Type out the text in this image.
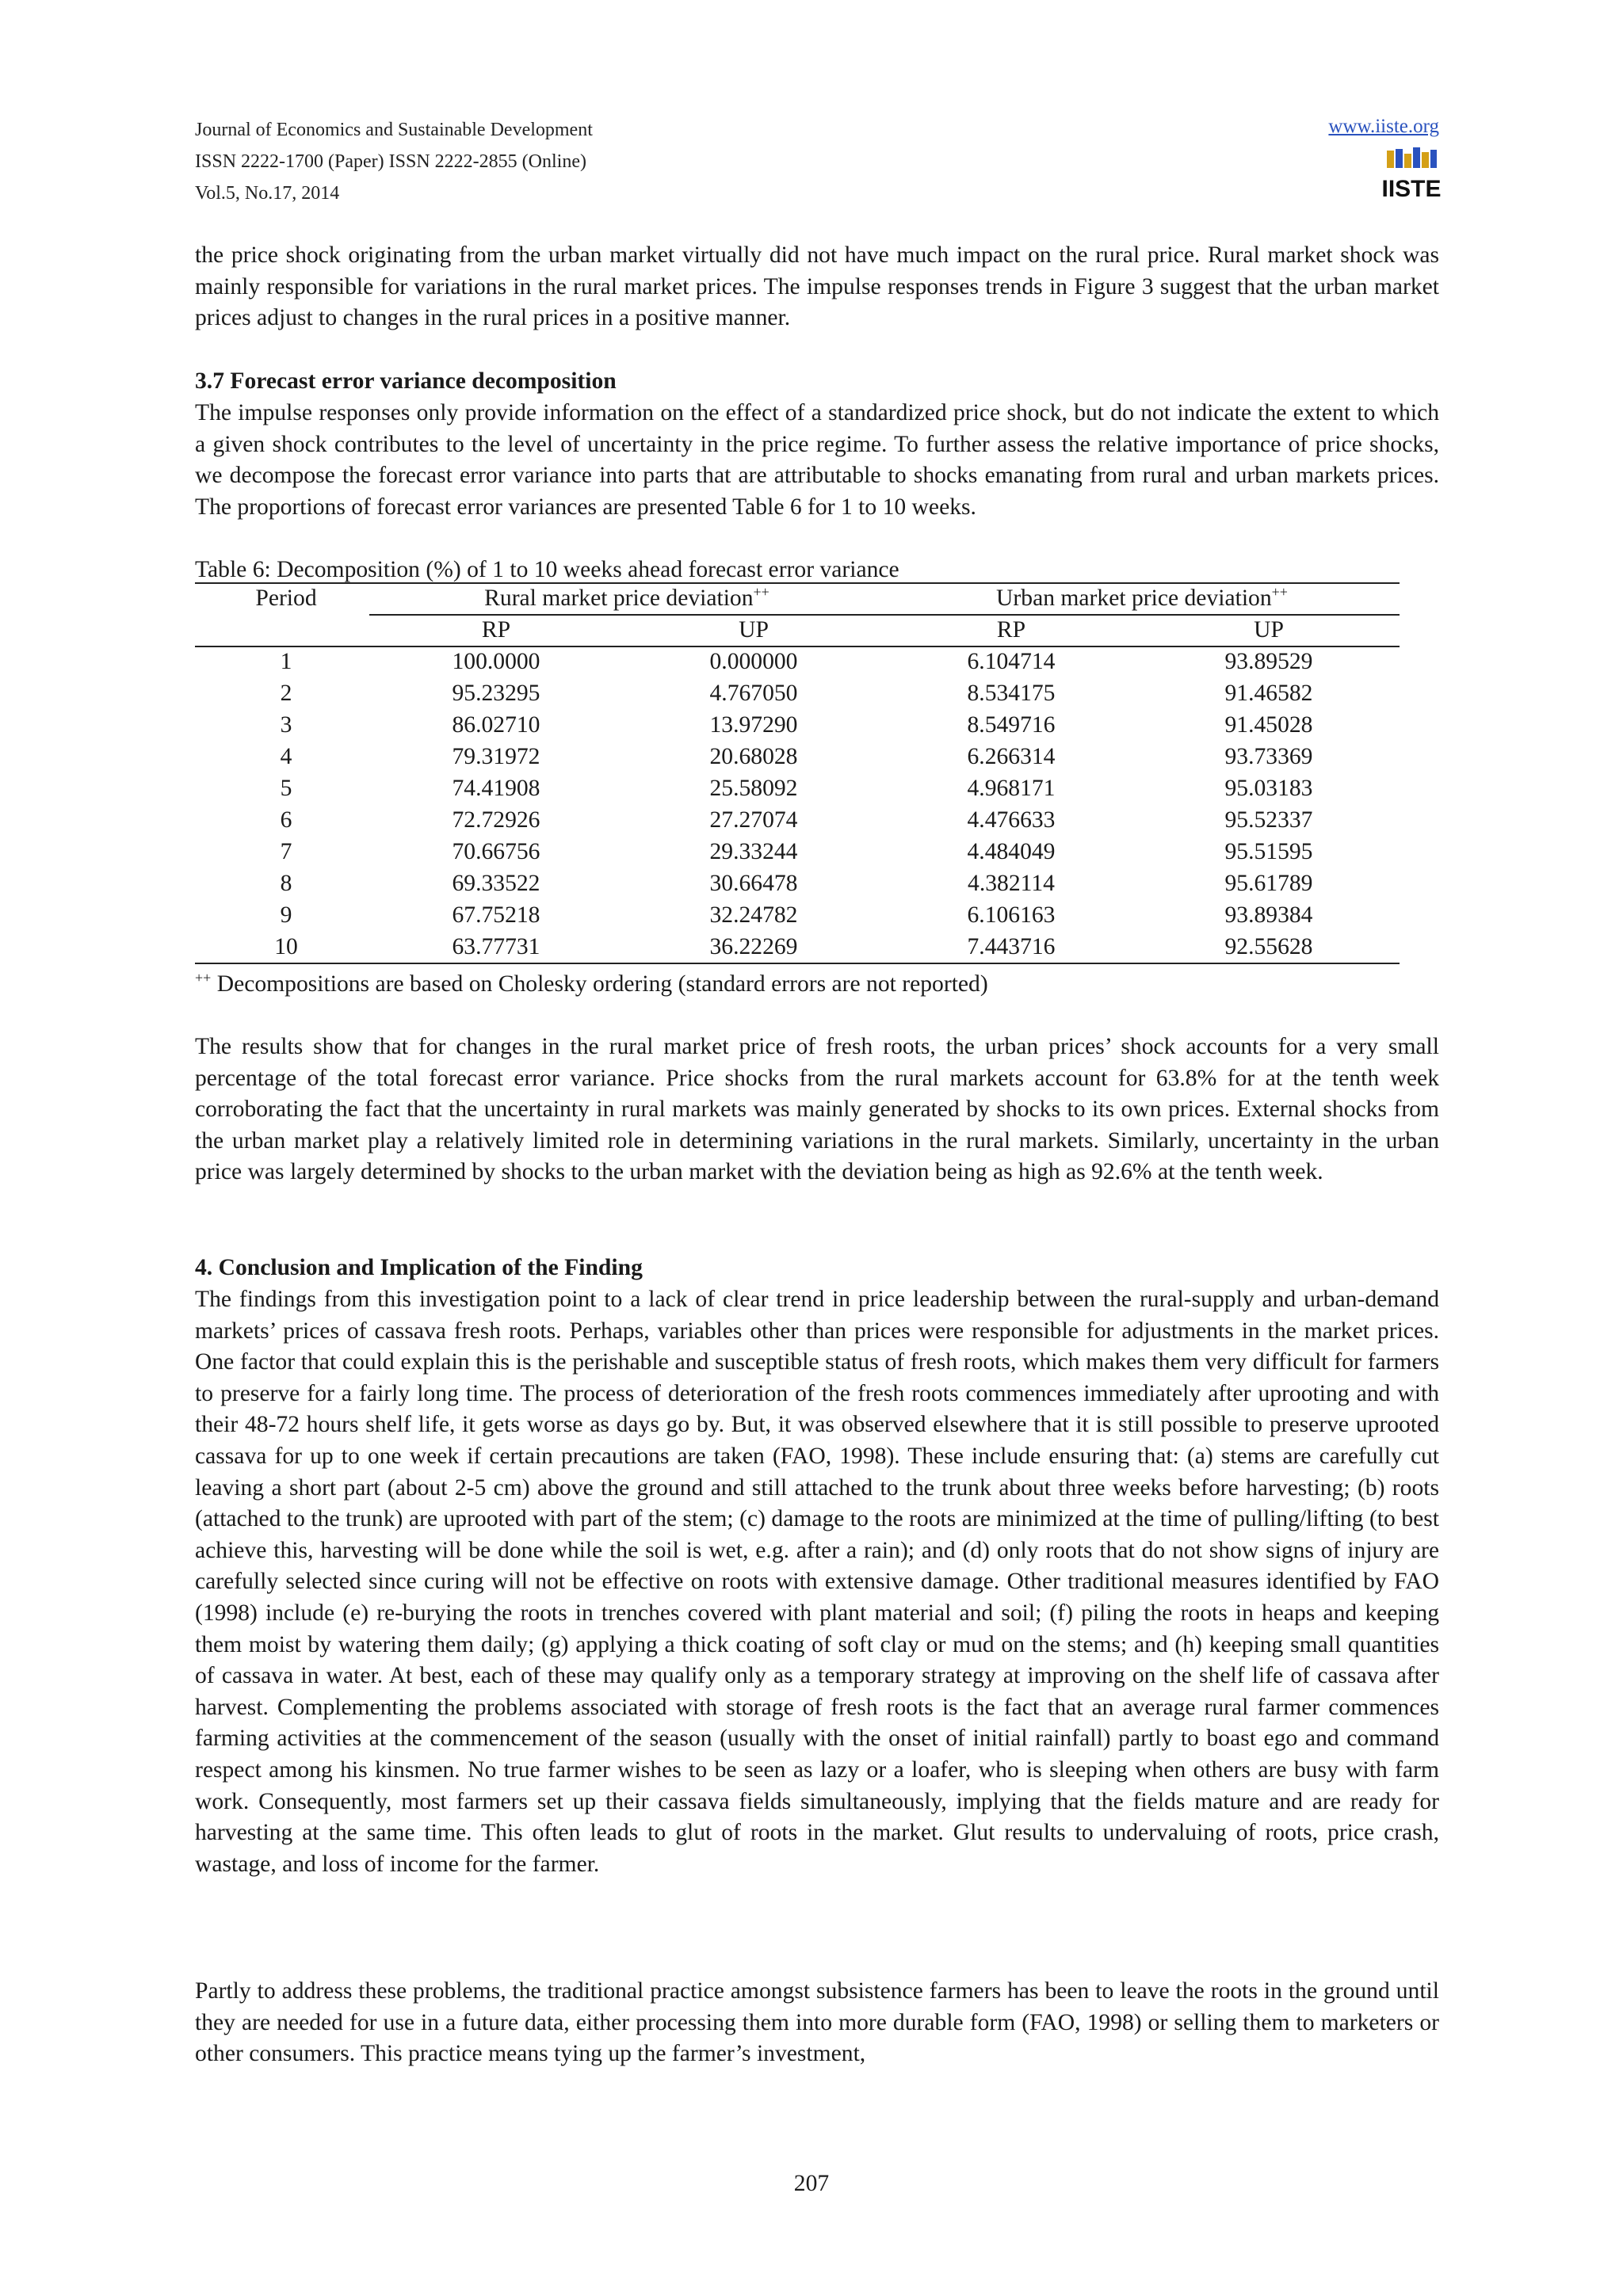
Journal of Economics and Sustainable Development
ISSN 2222-1700 (Paper) ISSN 2222-2855 (Online)
Vol.5, No.17, 2014
www.iiste.org
IISTE
the price shock originating from the urban market virtually did not have much impact on the rural price. Rural market shock was mainly responsible for variations in the rural market prices. The impulse responses trends in Figure 3 suggest that the urban market prices adjust to changes in the rural prices in a positive manner.
3.7 Forecast error variance decomposition
The impulse responses only provide information on the effect of a standardized price shock, but do not indicate the extent to which a given shock contributes to the level of uncertainty in the price regime. To further assess the relative importance of price shocks, we decompose the forecast error variance into parts that are attributable to shocks emanating from rural and urban markets prices. The proportions of forecast error variances are presented Table 6 for 1 to 10 weeks.
Table 6: Decomposition (%) of 1 to 10 weeks ahead forecast error variance
Period	Rural market price deviation++	Urban market price deviation++
RP	UP	RP	UP
1	100.0000	0.000000	6.104714	93.89529
2	95.23295	4.767050	8.534175	91.46582
3	86.02710	13.97290	8.549716	91.45028
4	79.31972	20.68028	6.266314	93.73369
5	74.41908	25.58092	4.968171	95.03183
6	72.72926	27.27074	4.476633	95.52337
7	70.66756	29.33244	4.484049	95.51595
8	69.33522	30.66478	4.382114	95.61789
9	67.75218	32.24782	6.106163	93.89384
10	63.77731	36.22269	7.443716	92.55628
++ Decompositions are based on Cholesky ordering (standard errors are not reported)
The results show that for changes in the rural market price of fresh roots, the urban prices’ shock accounts for a very small percentage of the total forecast error variance. Price shocks from the rural markets account for 63.8% for at the tenth week corroborating the fact that the uncertainty in rural markets was mainly generated by shocks to its own prices. External shocks from the urban market play a relatively limited role in determining variations in the rural markets. Similarly, uncertainty in the urban price was largely determined by shocks to the urban market with the deviation being as high as 92.6% at the tenth week.
4. Conclusion and Implication of the Finding
The findings from this investigation point to a lack of clear trend in price leadership between the rural-supply and urban-demand markets’ prices of cassava fresh roots. Perhaps, variables other than prices were responsible for adjustments in the market prices. One factor that could explain this is the perishable and susceptible status of fresh roots, which makes them very difficult for farmers to preserve for a fairly long time. The process of deterioration of the fresh roots commences immediately after uprooting and with their 48-72 hours shelf life, it gets worse as days go by. But, it was observed elsewhere that it is still possible to preserve uprooted cassava for up to one week if certain precautions are taken (FAO, 1998). These include ensuring that: (a) stems are carefully cut leaving a short part (about 2-5 cm) above the ground and still attached to the trunk about three weeks before harvesting; (b) roots (attached to the trunk) are uprooted with part of the stem; (c) damage to the roots are minimized at the time of pulling/lifting (to best achieve this, harvesting will be done while the soil is wet, e.g. after a rain); and (d) only roots that do not show signs of injury are carefully selected since curing will not be effective on roots with extensive damage. Other traditional measures identified by FAO (1998) include (e) re-burying the roots in trenches covered with plant material and soil; (f) piling the roots in heaps and keeping them moist by watering them daily; (g) applying a thick coating of soft clay or mud on the stems; and (h) keeping small quantities of cassava in water. At best, each of these may qualify only as a temporary strategy at improving on the shelf life of cassava after harvest. Complementing the problems associated with storage of fresh roots is the fact that an average rural farmer commences farming activities at the commencement of the season (usually with the onset of initial rainfall) partly to boast ego and command respect among his kinsmen. No true farmer wishes to be seen as lazy or a loafer, who is sleeping when others are busy with farm work. Consequently, most farmers set up their cassava fields simultaneously, implying that the fields mature and are ready for harvesting at the same time. This often leads to glut of roots in the market. Glut results to undervaluing of roots, price crash, wastage, and loss of income for the farmer.
Partly to address these problems, the traditional practice amongst subsistence farmers has been to leave the roots in the ground until they are needed for use in a future data, either processing them into more durable form (FAO, 1998) or selling them to marketers or other consumers. This practice means tying up the farmer’s investment,
207
